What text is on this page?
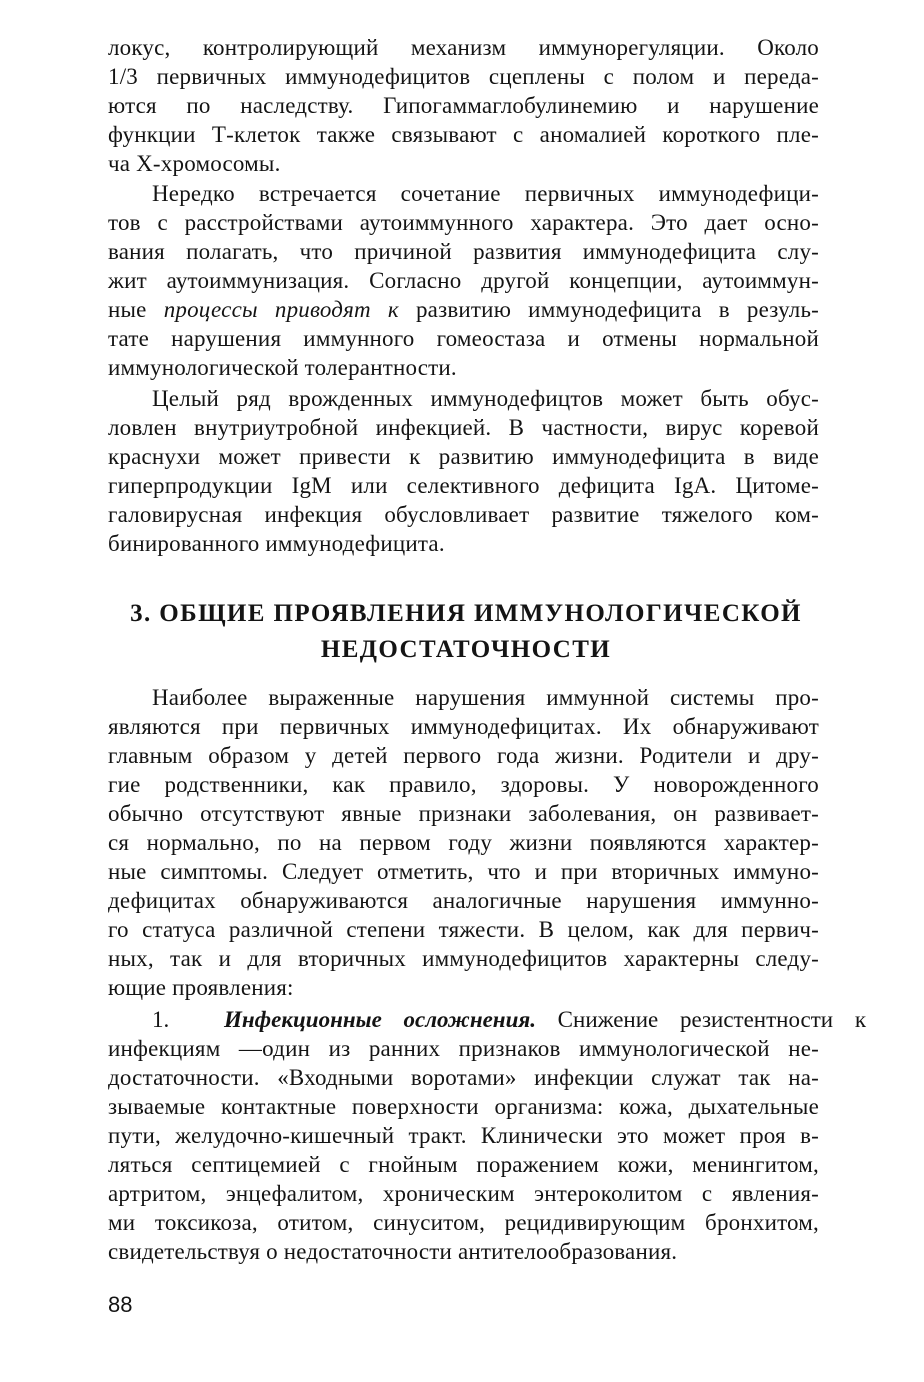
локус, контролирующий механизм иммунорегуляции. Около
1/3 первичных иммунодефицитов сцеплены с полом и переда-
ются по наследству. Гипогаммаглобулинемию и нарушение
функции Т-клеток также связывают с аномалией короткого пле-
ча Х-хромосомы.
Нередко встречается сочетание первичных иммунодефици-
тов с расстройствами аутоиммунного характера. Это дает осно-
вания полагать, что причиной развития иммунодефицита слу-
жит аутоиммунизация. Согласно другой концепции, аутоиммун-
ные процессы приводят к развитию иммунодефицита в резуль-
тате нарушения иммунного гомеостаза и отмены нормальной
иммунологической толерантности.
Целый ряд врожденных иммунодефицтов может быть обус-
ловлен внутриутробной инфекцией. В частности, вирус коревой
краснухи может привести к развитию иммунодефицита в виде
гиперпродукции IgM или селективного дефицита IgA. Цитоме-
галовирусная инфекция обусловливает развитие тяжелого ком-
бинированного иммунодефицита.
3. ОБЩИЕ ПРОЯВЛЕНИЯ ИММУНОЛОГИЧЕСКОЙ
НЕДОСТАТОЧНОСТИ
Наиболее выраженные нарушения иммунной системы про-
являются при первичных иммунодефицитах. Их обнаруживают
главным образом у детей первого года жизни. Родители и дру-
гие родственники, как правило, здоровы. У новорожденного
обычно отсутствуют явные признаки заболевания, он развивает-
ся нормально, по на первом году жизни появляются характер-
ные симптомы. Следует отметить, что и при вторичных иммуно-
дефицитах обнаруживаются аналогичные нарушения иммунно-
го статуса различной степени тяжести. В целом, как для первич-
ных, так и для вторичных иммунодефицитов характерны следу-
ющие проявления:
1. Инфекционные осложнения. Снижение резистентности к
инфекциям —один из ранних признаков иммунологической не-
достаточности. «Входными воротами» инфекции служат так на-
зываемые контактные поверхности организма: кожа, дыхательные
пути, желудочно-кишечный тракт. Клинически это может проя в-
ляться септицемией с гнойным поражением кожи, менингитом,
артритом, энцефалитом, хроническим энтероколитом с явления-
ми токсикоза, отитом, синуситом, рецидивирующим бронхитом,
свидетельствуя о недостаточности антителообразования.
88
